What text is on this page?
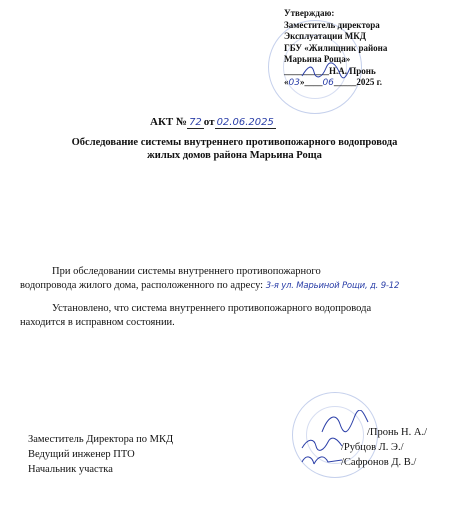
Утверждаю:
Заместитель директора
Эксплуатации МКД
ГБУ «Жилищник района
Марьина Роща»
__________Н.А. Пронь
«03»____06_____2025 г.
АКТ № 72 от 02.06.2025
Обследование системы внутреннего противопожарного водопровода
жилых домов района Марьина Роща
При обследовании системы внутреннего противопожарного
водопровода жилого дома, расположенного по адресу: 3-я ул. Марьиной Рощи, д. 9-12
Установлено, что система внутреннего противопожарного водопровода
находится в исправном состоянии.
Заместитель Директора по МКД
Ведущий инженер ПТО
Начальник участка
/Пронь Н. А./
/Рубцов Л. Э./
/Сафронов Д. В./
